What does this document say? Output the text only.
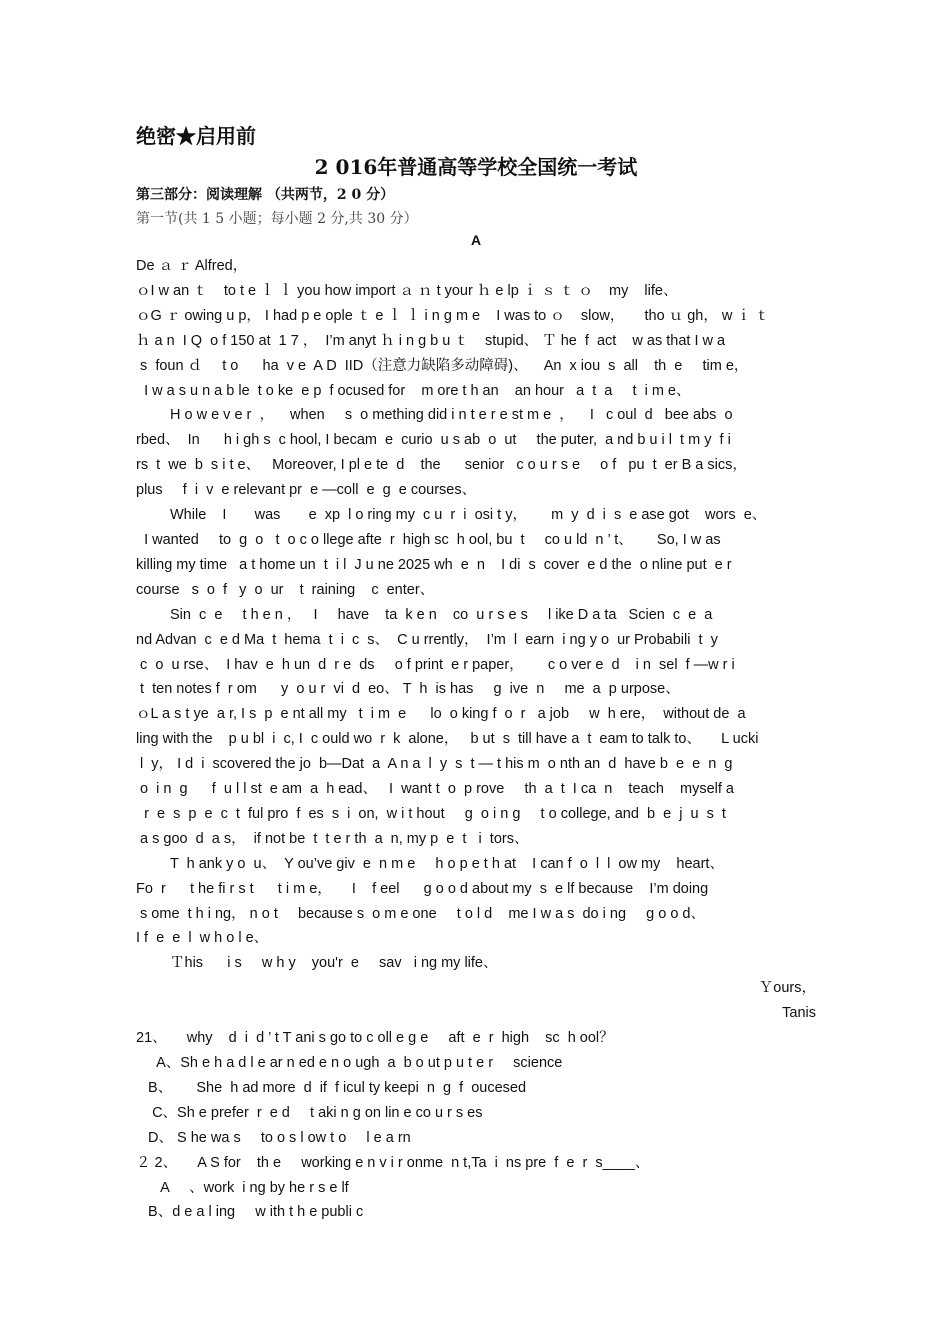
绝密★启用前

2 016年普通高等学校全国统一考试

第三部分：阅读理解 （共两节，2 0 分）

第一节(共 1 5 小题；每小题 2 分,共 30 分）

A

De ａ ｒ Alfred，

ｏI w an ｔ    to t e ｌ ｌ you how import ａ ｎ t your ｈ e lp ｉ ｓ ｔ ｏ    my    life、

ｏG ｒ owing u p， I had p e ople ｔ e ｌ ｌ i n g m e    I was to ｏ    slow，     tho ｕ gh， w ｉ ｔ

ｈ a n  I Q  o f 150 at  1 7 ，  I’m anyt ｈ i n g b u ｔ    stupid、 Ｔ he  f  act    w as that I w a

s  foun ｄ     t o      ha  v e  A D  IID（注意力缺陷多动障碍)、    An  x iou  s  all    th  e     tim e，

I w a s u n a b le  t o ke  e p  f ocused for    m ore t h an    an hour   a  t  a     t  i m e、

H o w e v e r  ，    when     s  o mething did i n t e r e st m e  ，    I   c oul  d   bee abs  o

rbed、  In      h i gh s  c hool, I becam  e  curio  u s ab  o  ut     the puter,  a nd b u i l  t m y  f i

rs  t  we  b  s i t e、   Moreover, I pl e te  d    the      senior   c o u r s e     o f   pu  t  er B a sics，

plus     f  i  v  e relevant pr  e —coll  e  g  e courses、

While    I       was       e  xp  l o ring my  c u  r  i  osi t y，      m  y  d  i  s  e ase got    wors  e、

I wanted     to  g  o   t  o c o llege afte  r  high sc  h ool, bu  t     co u ld  n ’ t、      So, I w as

killing my time   a t home un  t  i l  J u ne 2025 wh  e  n    I di  s  cover  e d the  o nline put  e r

course   s  o  f   y  o  ur    t  raining    c  enter、

Sin  c  e     t h e n ，   I     have    ta  k e n    co  u r s e s     l ike D a ta   Scien  c  e  a

nd Advan  c  e d Ma  t  hema  t  i  c  s、  C u rrently，  I’m  l  earn  i ng y o  ur Probabili  t  y

c  o  u rse、  I hav  e  h un  d  r e  ds     o f print  e r paper，      c o ver e  d    i n  sel  f —w r i

t  ten notes f  r om      y  o u r  vi  d  eo、 T  h  is has     g  ive  n     me  a  p urpose、

ｏL a s t ye  a r, I s  p  e nt all my   t  i m  e      lo  o king f  o  r   a job     w  h ere，  without de  a

ling with the    p u bl  i  c, I  c ould wo  r  k  alone，   b ut  s  till have a  t  eam to talk to、     L ucki

l  y， I d  i  scovered the jo  b—Dat  a  A n a  l  y  s  t — t his m  o nth an  d  have b  e  e  n  g

o  i n  g      f  u l l st  e am  a  h ead、   I  want t  o  p rove     th  a  t  I ca  n    teach    myself a

r  e  s  p  e  c  t  ful pro  f  es  s  i  on,  w i t hout     g  o i n g     t o college, and  b  e  j  u  s  t

a s goo  d  a s，  if not be  t  t e r th  a  n, my p  e  t   i  tors、

T  h ank y o  u、  Y ou’ve giv  e  n m e     h o p e t h at    I can f  o  l  l  ow my    heart、

Fo  r      t he fi r s t      t i m e，     I    f eel      g o o d about my  s  e lf because    I’m doing

s ome  t h i ng， n o t     because s  o m e one     t o l d    me I w a s  do i ng     g o o d、

I f  e  e  l  w h o l e、

Ｔhis      i s     w h y    you'r  e     sav   i ng my life、

Ｙours，

Tanis

21、     why    d  i  d ’ t T ani s go to c oll e g e     aft  e  r  high    sc  h ool？

A、Sh e h a d l e ar n ed e n o ugh  a  b o ut p u t e r     science

B、      She  h ad more  d  if  f icul ty keepi  n  g  f  oucesed

C、Sh e prefer  r  e d     t aki n g on lin e co u r s es

D、 S he wa s     to o s l ow t o     l e a rn

２ 2、     A S for    th e     working e n v i r onme  n t,Ta  i  ns pre  f  e  r  s____、

A     、work  i ng by he r s e lf

B、d e a l ing     w ith t h e publi c
